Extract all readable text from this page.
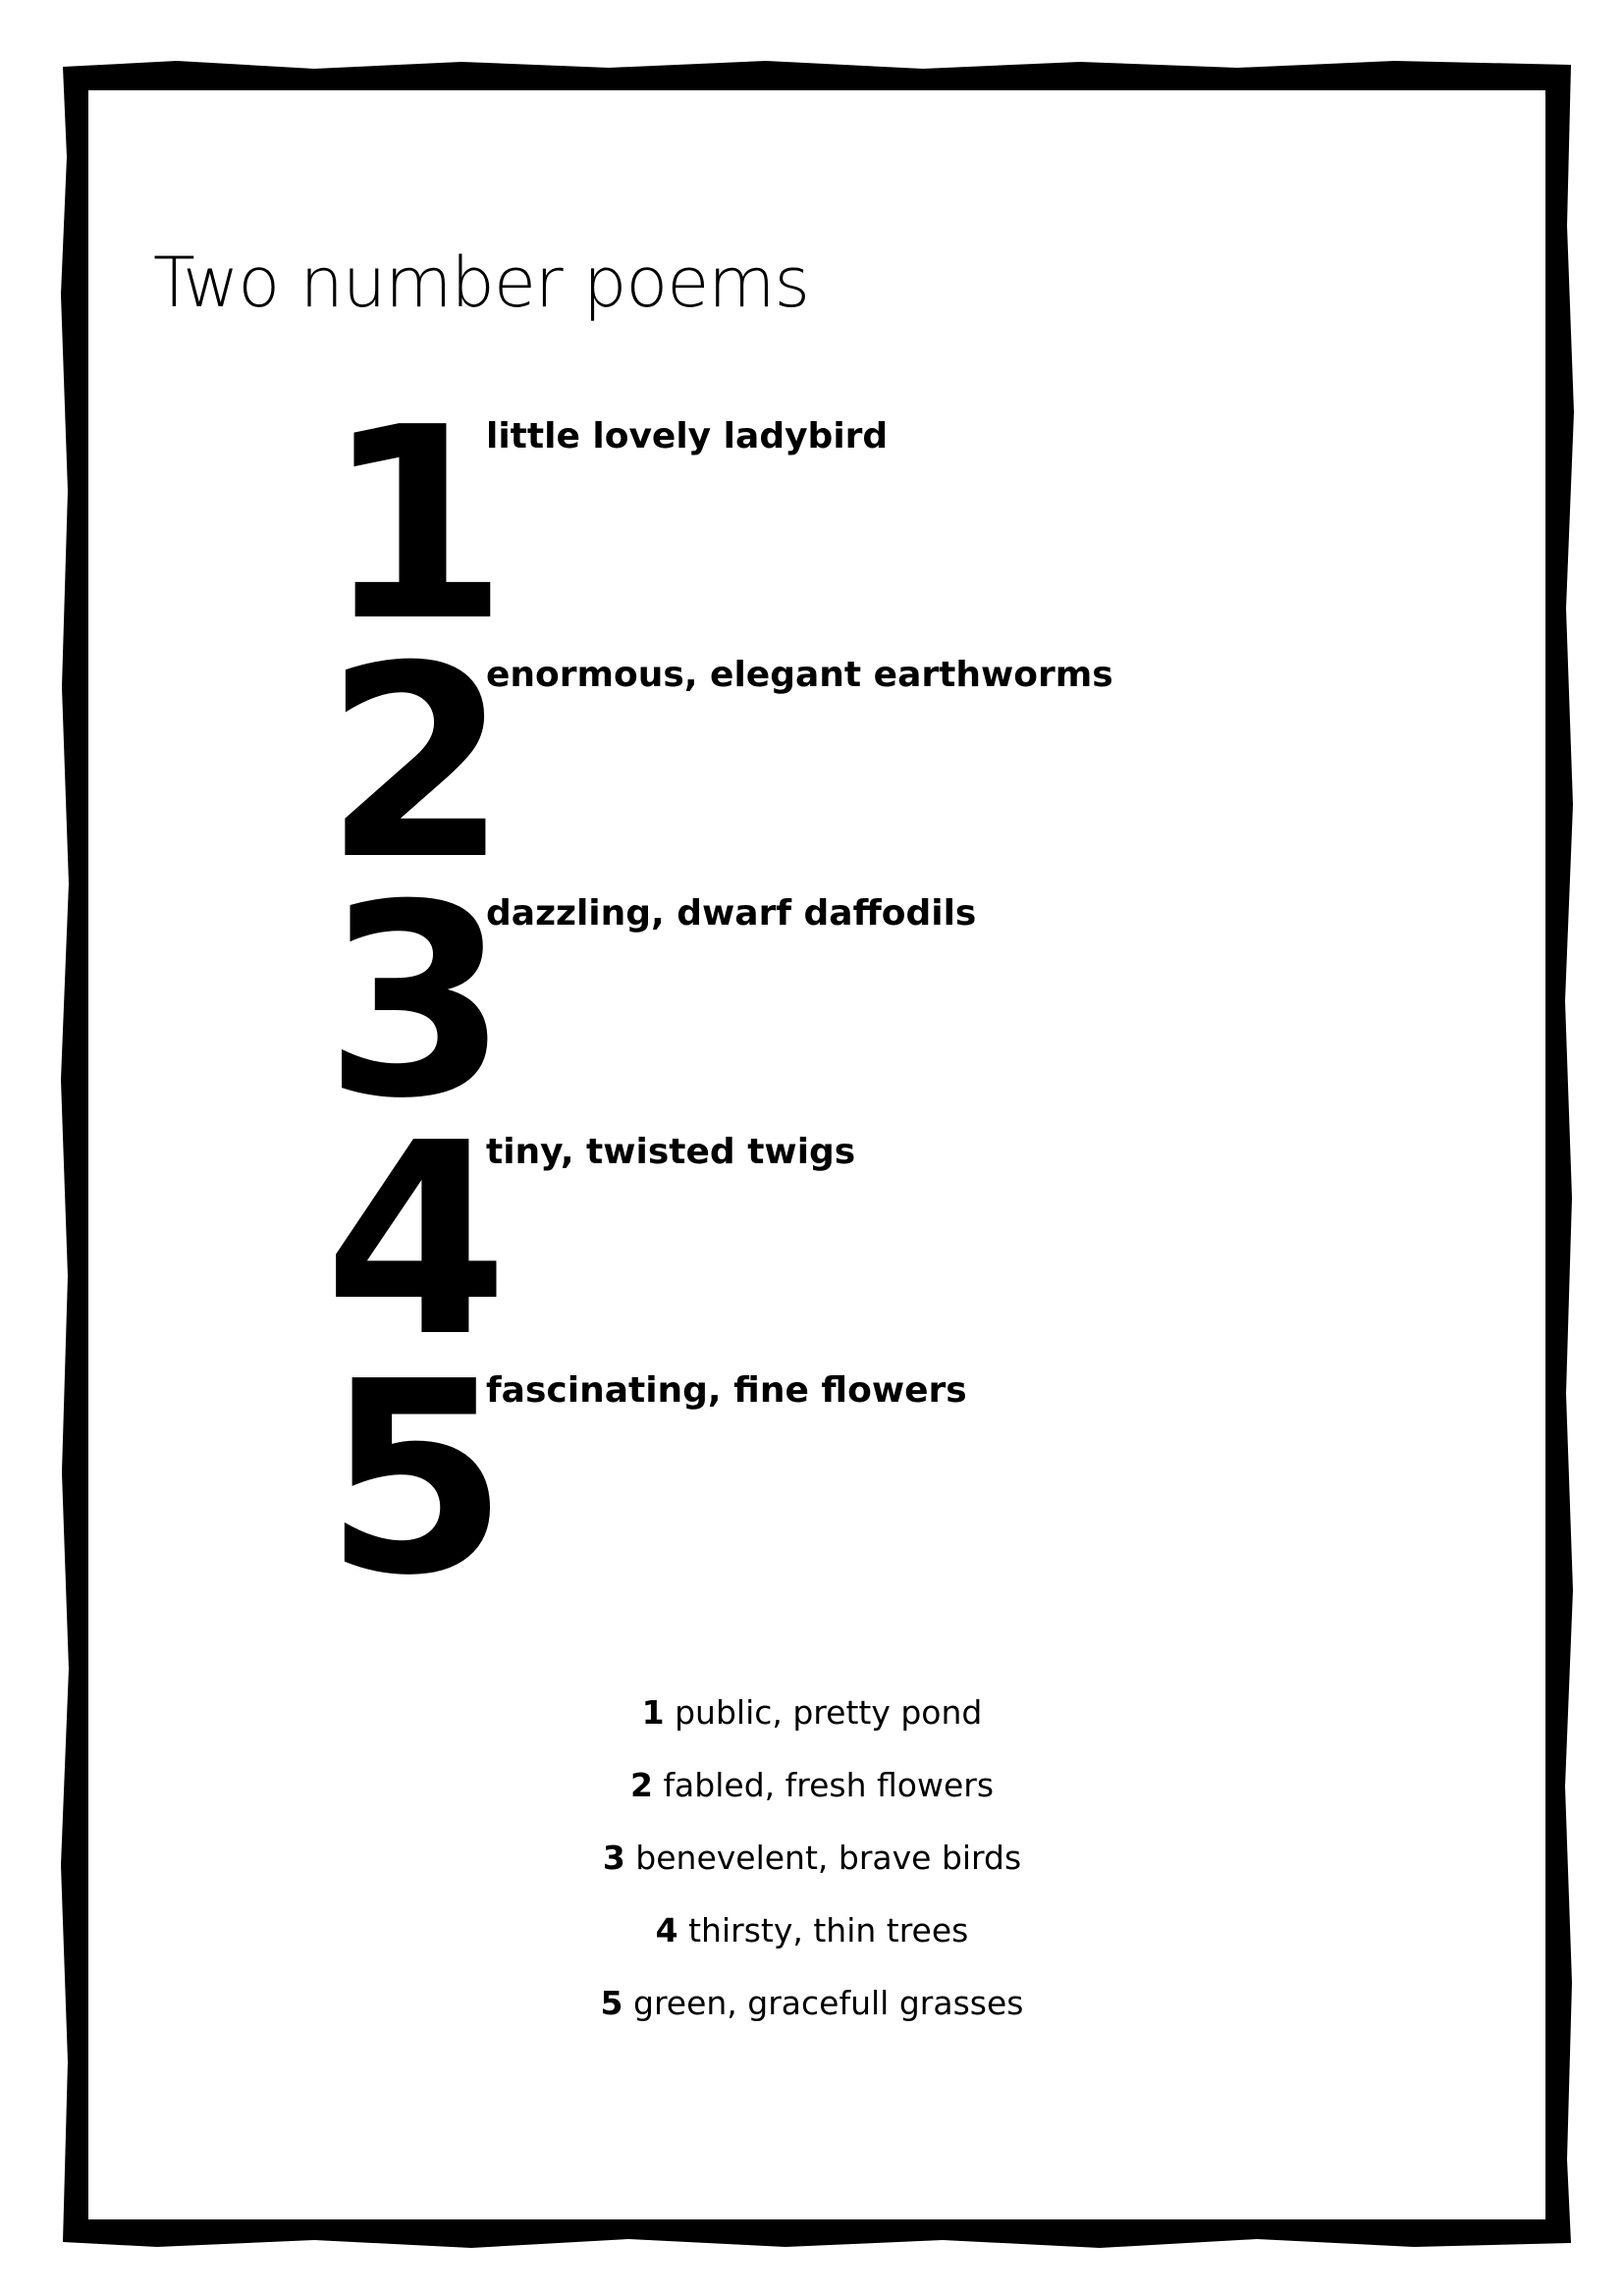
Two number poems
1
little lovely ladybird
2
enormous, elegant earthworms
3
dazzling, dwarf daffodils
4
tiny, twisted twigs
5
fascinating, fine flowers
1 public, pretty pond
2 fabled, fresh flowers
3 benevelent, brave birds
4 thirsty, thin trees
5 green, gracefull grasses
